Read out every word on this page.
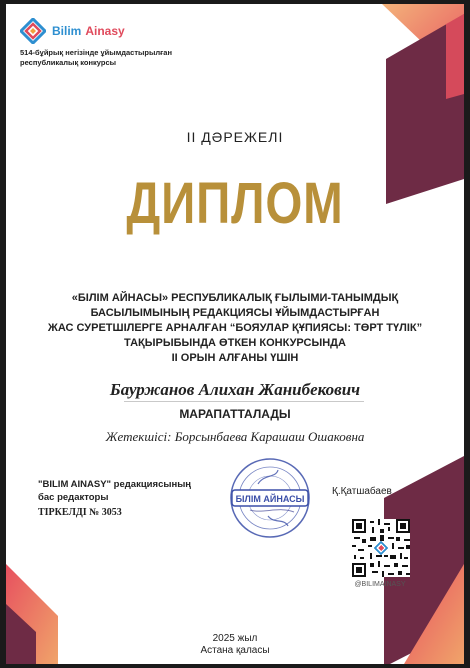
Bilim Ainasy
514-бұйрық негізінде ұйымдастырылған республикалық конкурсы
II ДӘРЕЖЕЛІ
ДИПЛОМ
«БІЛІМ АЙНАСЫ» РЕСПУБЛИКАЛЫҚ ҒЫЛЫМИ-ТАНЫМДЫҚ
БАСЫЛЫМЫНЫҢ РЕДАКЦИЯСЫ ҰЙЫМДАСТЫРҒАН
ЖАС СУРЕТШІЛЕРГЕ АРНАЛҒАН “БОЯУЛАР ҚҰПИЯСЫ: ТӨРТ ТҮЛІК”
ТАҚЫРЫБЫНДА ӨТКЕН КОНКУРСЫНДА
II ОРЫН АЛҒАНЫ ҮШІН
Бауржанов Алихан Жанибекович
МАРАПАТТАЛАДЫ
Жетекшісі: Борсынбаева Карашаш Ошаковна
"BILIM AINASY" редакциясының
бас редакторы
ТІРКЕЛДІ № 3053
БІЛІМ АЙНАСЫ
Қ.Қатшабаев
@BILIMAINASY
2025 жыл
Астана қаласы
